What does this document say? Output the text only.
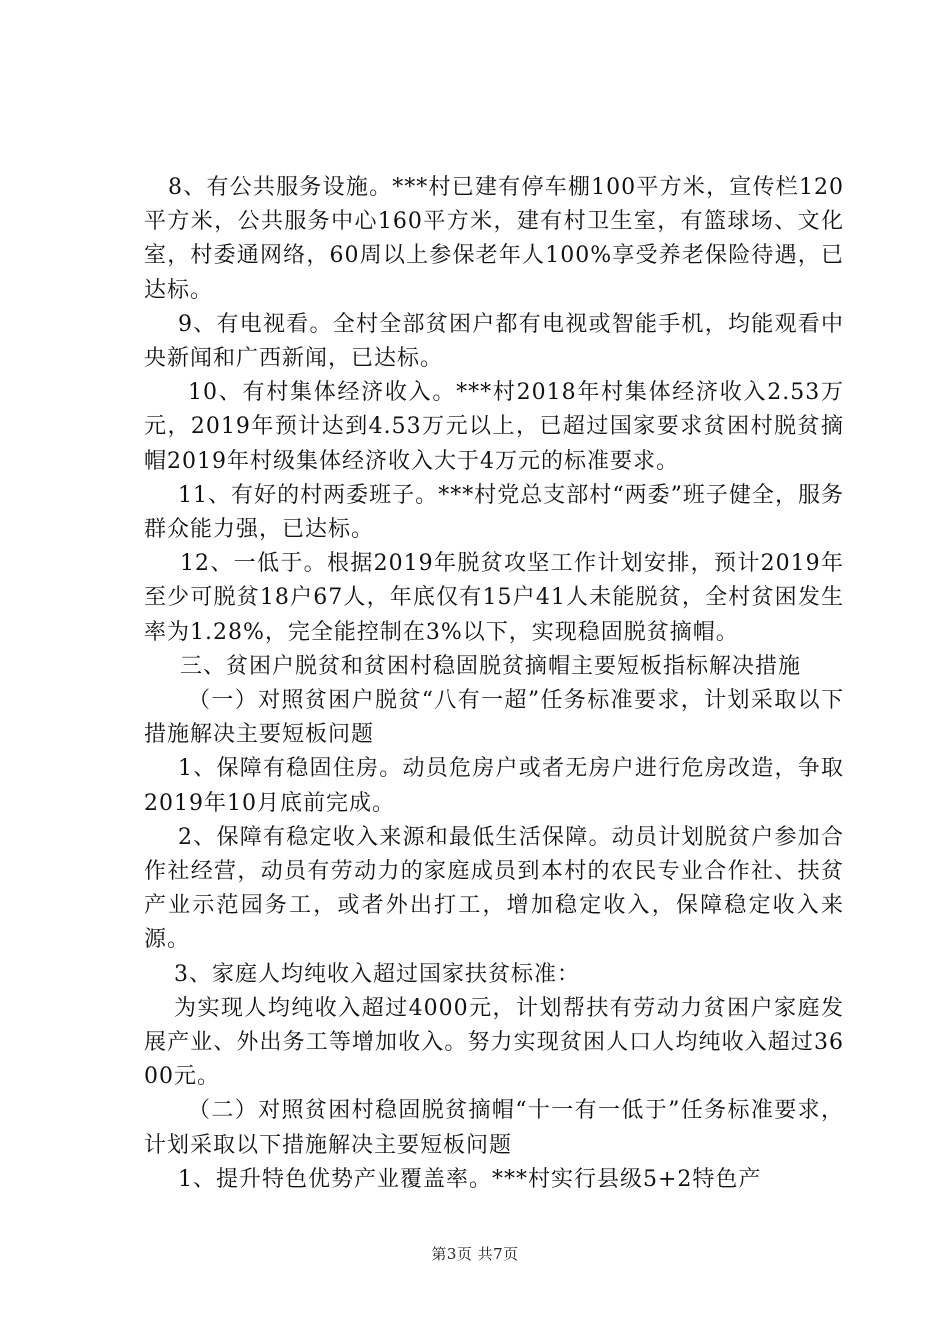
8、有公共服务设施。***村已建有停车棚100平方米，宣传栏120平方米，公共服务中心160平方米，建有村卫生室，有篮球场、文化室，村委通网络，60周以上参保老年人100%享受养老保险待遇，已达标。

9、有电视看。全村全部贫困户都有电视或智能手机，均能观看中央新闻和广西新闻，已达标。

10、有村集体经济收入。***村2018年村集体经济收入2.53万元，2019年预计达到4.53万元以上，已超过国家要求贫困村脱贫摘帽2019年村级集体经济收入大于4万元的标准要求。

11、有好的村两委班子。***村党总支部村“两委”班子健全，服务群众能力强，已达标。

12、一低于。根据2019年脱贫攻坚工作计划安排，预计2019年至少可脱贫18户67人，年底仅有15户41人未能脱贫，全村贫困发生率为1.28%，完全能控制在3%以下，实现稳固脱贫摘帽。

三、贫困户脱贫和贫困村稳固脱贫摘帽主要短板指标解决措施

（一）对照贫困户脱贫“八有一超”任务标准要求，计划采取以下措施解决主要短板问题

1、保障有稳固住房。动员危房户或者无房户进行危房改造，争取2019年10月底前完成。

2、保障有稳定收入来源和最低生活保障。动员计划脱贫户参加合作社经营，动员有劳动力的家庭成员到本村的农民专业合作社、扶贫产业示范园务工，或者外出打工，增加稳定收入，保障稳定收入来源。

3、家庭人均纯收入超过国家扶贫标准：

为实现人均纯收入超过4000元，计划帮扶有劳动力贫困户家庭发展产业、外出务工等增加收入。努力实现贫困人口人均纯收入超过3600元。

（二）对照贫困村稳固脱贫摘帽“十一有一低于”任务标准要求，计划采取以下措施解决主要短板问题

1、提升特色优势产业覆盖率。***村实行县级5+2特色产

第3页 共7页
